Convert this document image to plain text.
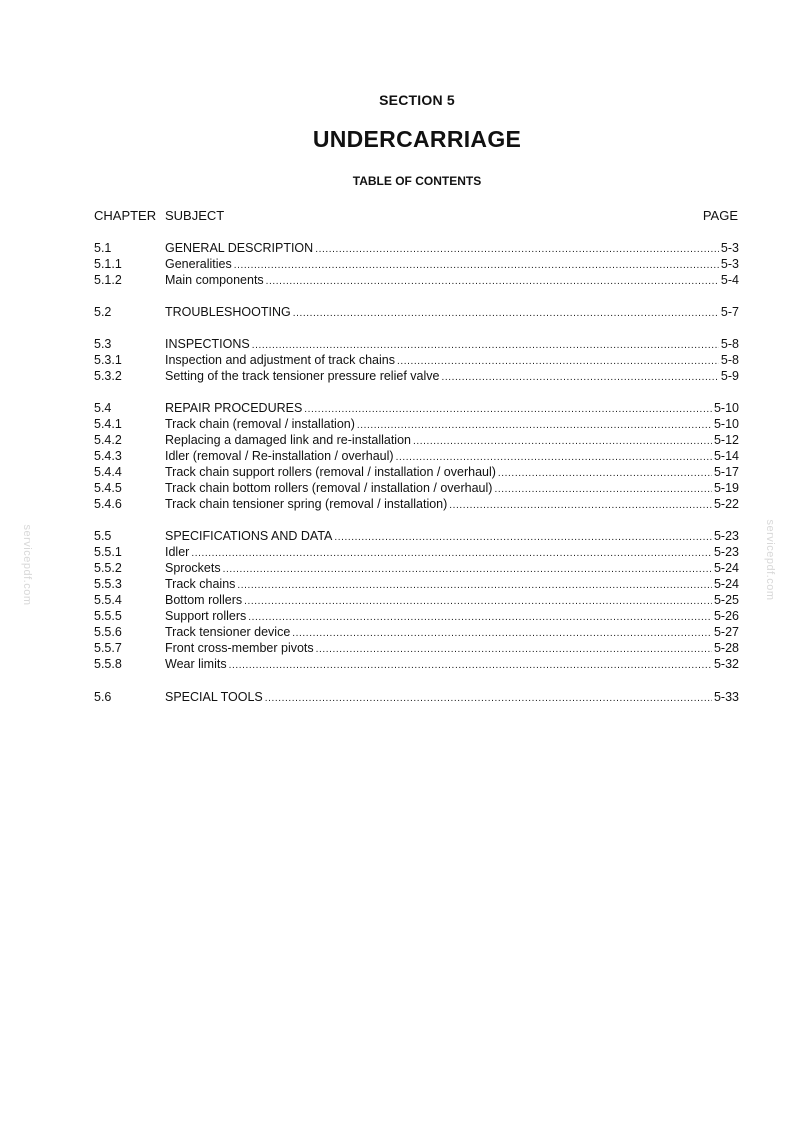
SECTION 5
UNDERCARRIAGE
TABLE OF CONTENTS
CHAPTER SUBJECT	PAGE
5.1	GENERAL DESCRIPTION .....	5-3
5.1.1	Generalities .....	5-3
5.1.2	Main components .....	5-4
5.2	TROUBLESHOOTING .....	5-7
5.3	INSPECTIONS .....	5-8
5.3.1	Inspection and adjustment of track chains .....	5-8
5.3.2	Setting of the track tensioner pressure relief valve .....	5-9
5.4	REPAIR PROCEDURES .....	5-10
5.4.1	Track chain (removal / installation) .....	5-10
5.4.2	Replacing a damaged link and re-installation .....	5-12
5.4.3	Idler (removal / Re-installation / overhaul) .....	5-14
5.4.4	Track chain support rollers (removal / installation / overhaul) .....	5-17
5.4.5	Track chain bottom rollers (removal / installation / overhaul) .....	5-19
5.4.6	Track chain tensioner spring (removal / installation) .....	5-22
5.5	SPECIFICATIONS AND DATA .....	5-23
5.5.1	Idler .....	5-23
5.5.2	Sprockets .....	5-24
5.5.3	Track chains .....	5-24
5.5.4	Bottom rollers .....	5-25
5.5.5	Support rollers .....	5-26
5.5.6	Track tensioner device .....	5-27
5.5.7	Front cross-member pivots .....	5-28
5.5.8	Wear limits .....	5-32
5.6	SPECIAL TOOLS .....	5-33
servicepdf.com	servicepdf.com
